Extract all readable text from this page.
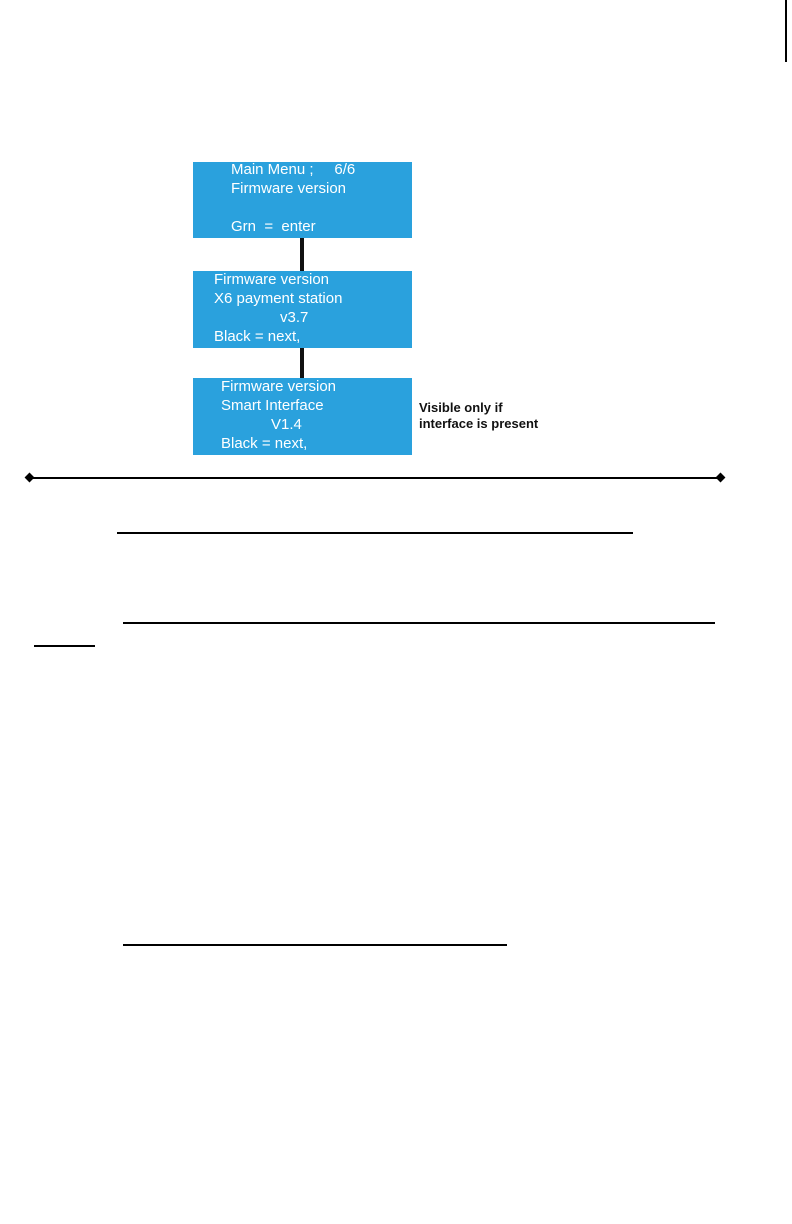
Main Menu ;     6/6
Firmware version
Grn  =  enter
Firmware version
X6 payment station
v3.7
Black = next,
Firmware version
Smart Interface
V1.4
Black = next,
Visible only if
interface is present
